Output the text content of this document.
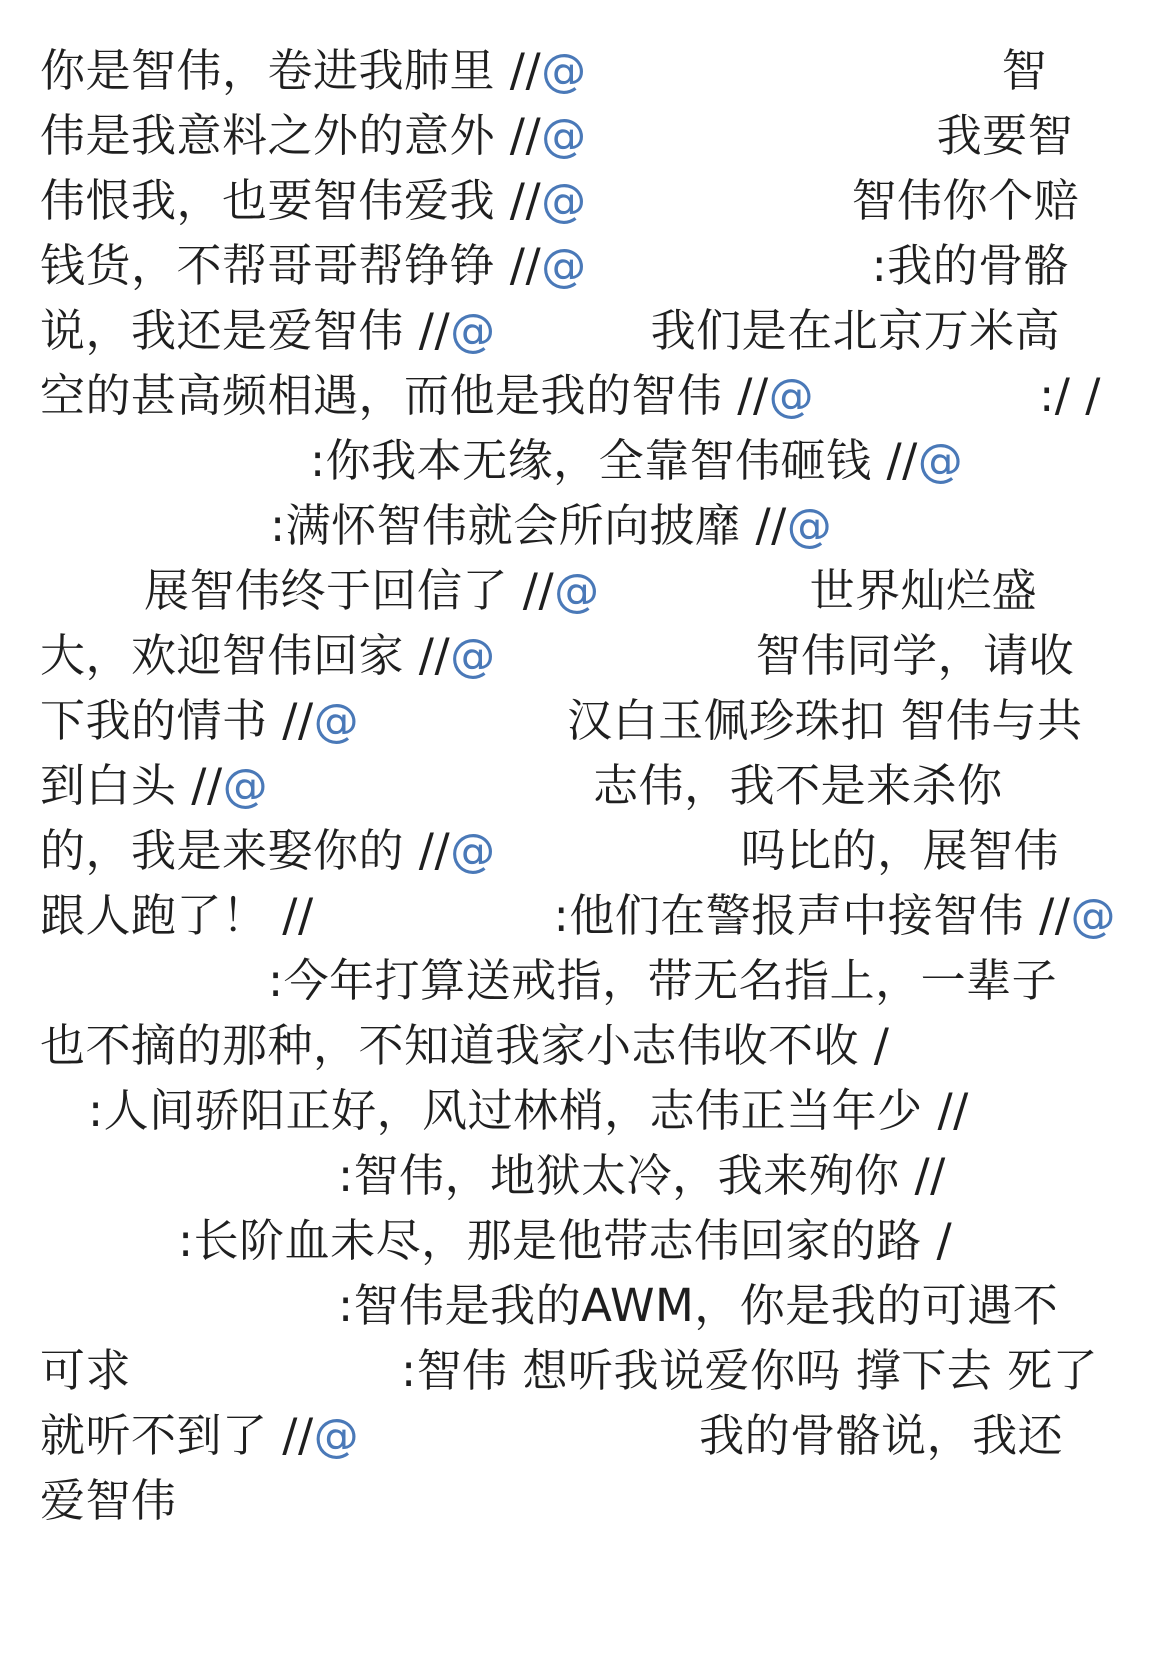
你是智伟，卷进我肺里 //@	智
伟是我意料之外的意外 //@	我要智
伟恨我，也要智伟爱我 //@	智伟你个赔
钱货，不帮哥哥帮铮铮 //@	:我的骨骼
说，我还是爱智伟 //@	我们是在北京万米高
空的甚高频相遇，而他是我的智伟 //@	:/ /
:你我本无缘，全靠智伟砸钱 //@
:满怀智伟就会所向披靡 //@
展智伟终于回信了 //@	世界灿烂盛
大，欢迎智伟回家 //@	智伟同学，请收
下我的情书 //@	汉白玉佩珍珠扣 智伟与共
到白头 //@	志伟，我不是来杀你
的，我是来娶你的 //@	吗比的，展智伟
跟人跑了！ //	:他们在警报声中接智伟 //@
:今年打算送戒指，带无名指上，一辈子
也不摘的那种，不知道我家小志伟收不收 /
:人间骄阳正好，风过林梢，志伟正当年少 //
:智伟，地狱太冷，我来殉你 //
:长阶血未尽，那是他带志伟回家的路 /
:智伟是我的AWM，你是我的可遇不
可求	:智伟 想听我说爱你吗 撑下去 死了
就听不到了 //@	我的骨骼说，我还
爱智伟
